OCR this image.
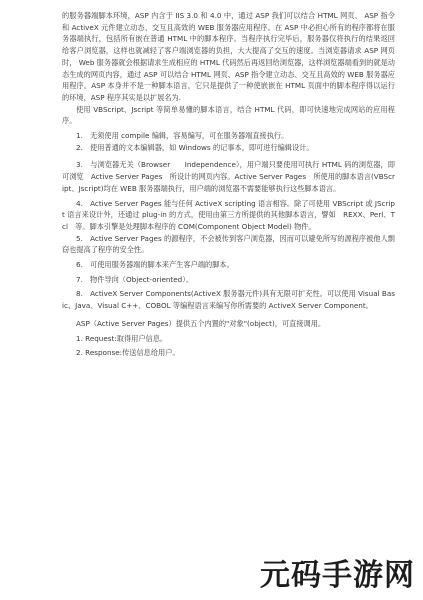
的服务器端脚本环境，ASP 内含于 IIS 3.0 和 4.0 中，通过 ASP 我们可以结合 HTML 网页、 ASP 指令和 ActiveX 元件建立动态、交互且高效的 WEB 服务器应用程序。在 ASP 中必担心所有的程序都将在服务器端执行，包括所有嵌在普通 HTML 中的脚本程序。当程序执行完毕后，服务器仅将执行的结果返回给客户浏览器，这样也就减轻了客户端浏览器的负担，大大提高了交互的速度。当浏览器请求 ASP 网页时， Web 服务器就会根据请求生成相应的 HTML 代码然后再返回给浏览器，这样浏览器端看到的就是动态生成的网页内容，通过 ASP 可以结合 HTML 网页、ASP 指令建立动态、交互且高效的 WEB 服务器应用程序。ASP 本身并不是一种脚本语言，它只是提供了一种使嵌嵌在 HTML 页面中的脚本程序得以运行的环境，ASP 程序其实是以扩展名为.

使用 VBScript、Jscript 等简单易懂的脚本语言，结合 HTML 代码，即可快速地完成网站的应用程序。

1.　无须使用 compile 编辑，容易编写，可在服务器端直接执行。

2.　使用普通的文本编辑器，如 Windows 的记事本，即可进行编辑设计。

3.　与浏览器无关（Browser　　Independence），用户端只要使用可执行 HTML 码的浏览器，即可浏览　Active Server Pages　所设计的网页内容。Active Server Pages　所使用的脚本语言(VBScript、Jscript)均在 WEB 服务器端执行，用户端的浏览器不需要能够执行这些脚本语言。

4.　Active Server Pages 能与任何 ActiveX scripting 语言相容。除了可使用 VBScript 或 JScript 语言来设计外，还通过 plug-in 的方式，使用由第三方所提供的其他脚本语言，譬如　REXX、Perl、Tcl　等。脚本引擎是处理脚本程序的 COM(Component Object Model) 物件。

5.　Active Server Pages 的源程序，不会被传到客户浏览器，因而可以避免所写的源程序被他人剽窃也提高了程序的安全性。

6.　可使用服务器端的脚本来产生客户端的脚本。

7.　物件导向（Object-oriented）。

8.　ActiveX Server Components(ActiveX 服务器元件)具有无限可扩充性。可以使用 Visual Basic、Java、Visual C++、COBOL 等编程语言来编写你所需要的 ActiveX Server Component。

ASP（Active Server Pages）提供五个内置的"对象"(object)，可直接调用。

1. Request:取得用户信息。

2. Response:传送信息给用户。

元码手游网
